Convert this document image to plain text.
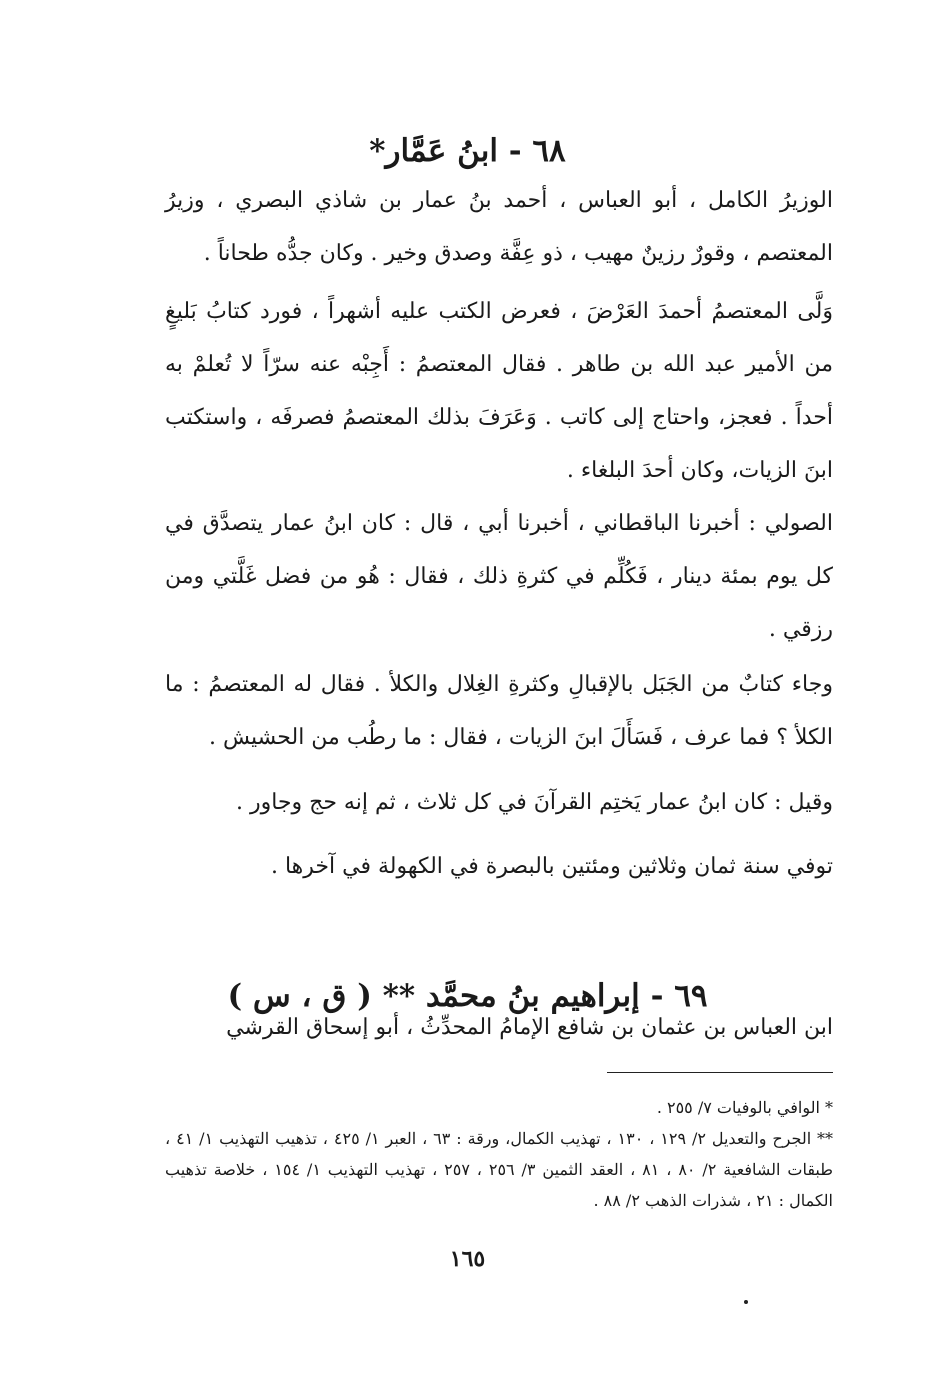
٦٨ - ابنُ عَمَّار*

الوزيرُ الكامل ، أبو العباس ، أحمد بنُ عمار بن شاذي البصري ، وزيرُ المعتصم ، وقورٌ رزينٌ مهيب ، ذو عِفَّة وصدق وخير . وكان جدُّه طحاناً .

وَلَّى المعتصمُ أحمدَ العَرْضَ ، فعرض الكتب عليه أشهراً ، فورد كتابُ بَليغٍ من الأمير عبد الله بن طاهر . فقال المعتصمُ : أَجِبْه عنه سرّاً لا تُعلمْ به أحداً . فعجز، واحتاج إلى كاتب . وَعَرَفَ بذلك المعتصمُ فصرفَه ، واستكتب ابنَ الزيات، وكان أحدَ البلغاء .

الصولي : أخبرنا الباقطاني ، أخبرنا أبي ، قال : كان ابنُ عمار يتصدَّق في كل يوم بمئة دينار ، فَكُلِّم في كثرةِ ذلك ، فقال : هُو من فضل غَلَّتي ومن رزقي .

وجاء كتابٌ من الجَبَل بالإقبالِ وكثرةِ الغِلال والكلأ . فقال له المعتصمُ : ما الكلأ ؟ فما عرف ، فَسَأَلَ ابنَ الزيات ، فقال : ما رطُب من الحشيش .

وقيل : كان ابنُ عمار يَختِم القرآنَ في كل ثلاث ، ثم إنه حج وجاور .

توفي سنة ثمان وثلاثين ومئتين بالبصرة في الكهولة في آخرها .

٦٩ - إبراهيم بنُ محمَّد ** ( ق ، س )

ابن العباس بن عثمان بن شافع الإمامُ المحدِّثُ ، أبو إسحاق القرشي

* الوافي بالوفيات ٧/ ٢٥٥ .
** الجرح والتعديل ٢/ ١٢٩ ، ١٣٠ ، تهذيب الكمال، ورقة : ٦٣ ، العبر ١/ ٤٢٥ ، تذهيب التهذيب ١/ ٤١ ، طبقات الشافعية ٢/ ٨٠ ، ٨١ ، العقد الثمين ٣/ ٢٥٦ ، ٢٥٧ ، تهذيب التهذيب ١/ ١٥٤ ، خلاصة تذهيب الكمال : ٢١ ، شذرات الذهب ٢/ ٨٨ .
١٦٥
